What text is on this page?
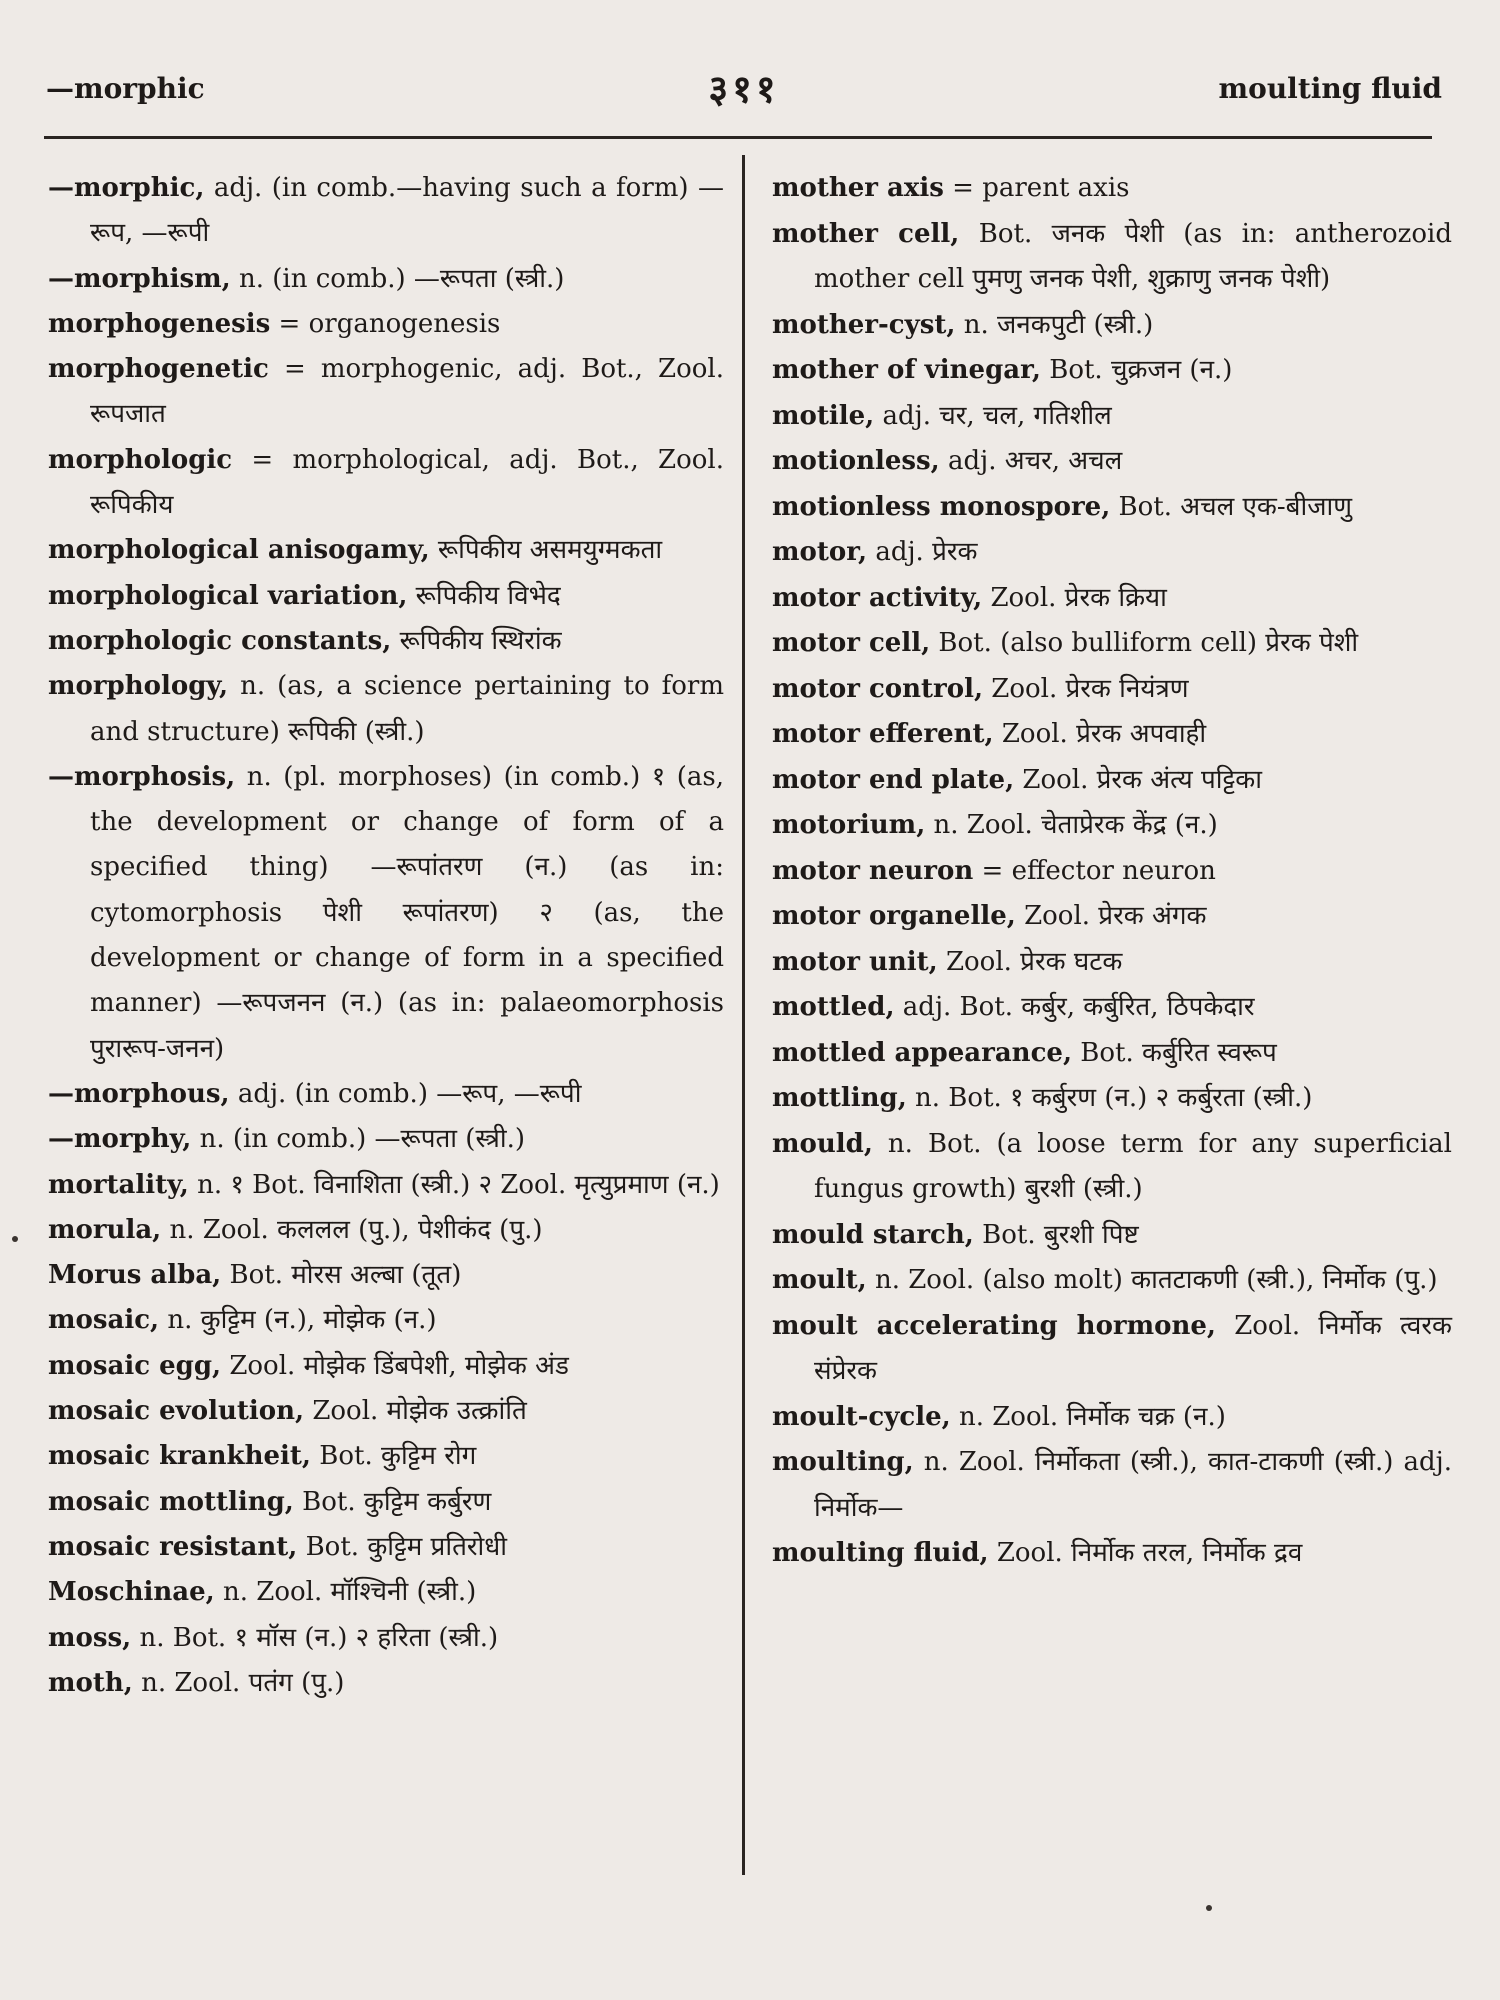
—morphic	३११	moulting fluid

—morphic, adj. (in comb.—having such a form) —रूप, —रूपी

—morphism, n. (in comb.) —रूपता (स्त्री.)

morphogenesis = organogenesis

morphogenetic = morphogenic, adj. Bot., Zool. रूपजात

morphologic = morphological, adj. Bot., Zool. रूपिकीय

morphological anisogamy, रूपिकीय असमयुग्मकता

morphological variation, रूपिकीय विभेद

morphologic constants, रूपिकीय स्थिरांक

morphology, n. (as, a science pertaining to form and structure) रूपिकी (स्त्री.)

—morphosis, n. (pl. morphoses) (in comb.) १ (as, the development or change of form of a specified thing) —रूपांतरण (न.) (as in: cytomorphosis पेशी रूपांतरण) २ (as, the development or change of form in a specified manner) —रूपजनन (न.) (as in: palaeomorphosis पुरारूप-जनन)

—morphous, adj. (in comb.) —रूप, —रूपी

—morphy, n. (in comb.) —रूपता (स्त्री.)

mortality, n. १ Bot. विनाशिता (स्त्री.) २ Zool. मृत्युप्रमाण (न.)

morula, n. Zool. कललल (पु.), पेशीकंद (पु.)

Morus alba, Bot. मोरस अल्बा (तूत)

mosaic, n. कुट्टिम (न.), मोझेक (न.)

mosaic egg, Zool. मोझेक डिंबपेशी, मोझेक अंड

mosaic evolution, Zool. मोझेक उत्क्रांति

mosaic krankheit, Bot. कुट्टिम रोग

mosaic mottling, Bot. कुट्टिम कर्बुरण

mosaic resistant, Bot. कुट्टिम प्रतिरोधी

Moschinae, n. Zool. मॉश्चिनी (स्त्री.)

moss, n. Bot. १ मॉस (न.) २ हरिता (स्त्री.)

moth, n. Zool. पतंग (पु.)

mother axis = parent axis

mother cell, Bot. जनक पेशी (as in: antherozoid mother cell पुमणु जनक पेशी, शुक्राणु जनक पेशी)

mother-cyst, n. जनकपुटी (स्त्री.)

mother of vinegar, Bot. चुक्रजन (न.)

motile, adj. चर, चल, गतिशील

motionless, adj. अचर, अचल

motionless monospore, Bot. अचल एक-बीजाणु

motor, adj. प्रेरक

motor activity, Zool. प्रेरक क्रिया

motor cell, Bot. (also bulliform cell) प्रेरक पेशी

motor control, Zool. प्रेरक नियंत्रण

motor efferent, Zool. प्रेरक अपवाही

motor end plate, Zool. प्रेरक अंत्य पट्टिका

motorium, n. Zool. चेताप्रेरक केंद्र (न.)

motor neuron = effector neuron

motor organelle, Zool. प्रेरक अंगक

motor unit, Zool. प्रेरक घटक

mottled, adj. Bot. कर्बुर, कर्बुरित, ठिपकेदार

mottled appearance, Bot. कर्बुरित स्वरूप

mottling, n. Bot. १ कर्बुरण (न.) २ कर्बुरता (स्त्री.)

mould, n. Bot. (a loose term for any superficial fungus growth) बुरशी (स्त्री.)

mould starch, Bot. बुरशी पिष्ट

moult, n. Zool. (also molt) कातटाकणी (स्त्री.), निर्मोक (पु.)

moult accelerating hormone, Zool. निर्मोक त्वरक संप्रेरक

moult-cycle, n. Zool. निर्मोक चक्र (न.)

moulting, n. Zool. निर्मोकता (स्त्री.), कात-टाकणी (स्त्री.) adj. निर्मोक—

moulting fluid, Zool. निर्मोक तरल, निर्मोक द्रव
